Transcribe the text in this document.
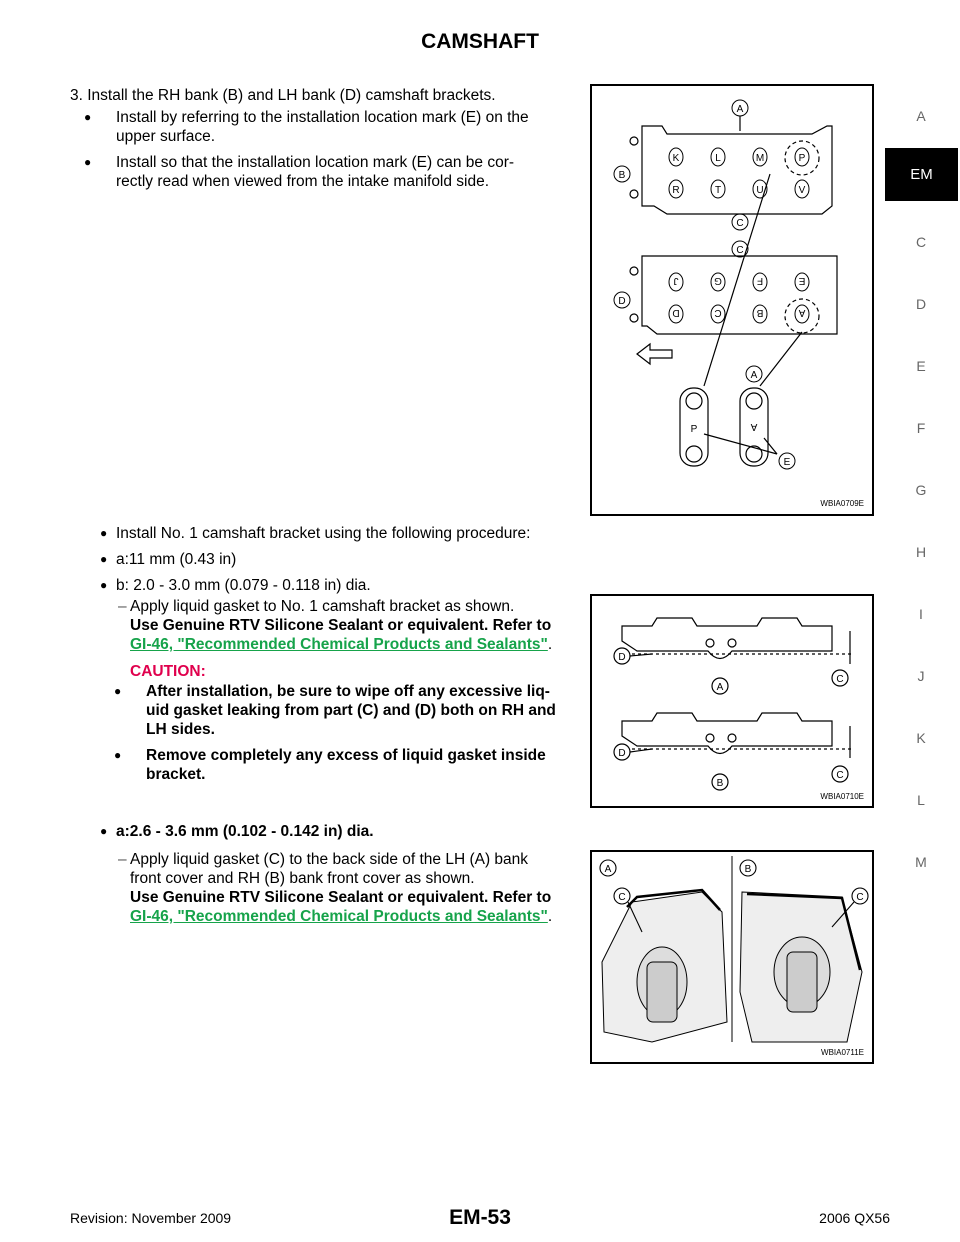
CAMSHAFT
3. Install the RH bank (B) and LH bank (D) camshaft brackets.
● Install by referring to the installation location mark (E) on the
upper surface.
● Install so that the installation location mark (E) can be cor-
rectly read when viewed from the intake manifold side.
● Install No. 1 camshaft bracket using the following procedure:
● a:11 mm (0.43 in)
● b: 2.0 - 3.0 mm (0.079 - 0.118 in) dia.
– Apply liquid gasket to No. 1 camshaft bracket as shown.
Use Genuine RTV Silicone Sealant or equivalent. Refer to
GI-46, "Recommended Chemical Products and Sealants".
CAUTION:
● After installation, be sure to wipe off any excessive liq-
uid gasket leaking from part (C) and (D) both on RH and
LH sides.
● Remove completely any excess of liquid gasket inside
bracket.
● a:2.6 - 3.6 mm (0.102 - 0.142 in) dia.
– Apply liquid gasket (C) to the back side of the LH (A) bank
front cover and RH (B) bank front cover as shown.
Use Genuine RTV Silicone Sealant or equivalent. Refer to
GI-46, "Recommended Chemical Products and Sealants".
K	L	M	P
R	T	U	V
J	G	F	E
D	C	B	A
P	A
A
B
C
C
D
A
E
WBIA0709E
D
A
C
D
B
C
WBIA0710E
A	B
C	C
WBIA0711E
A
EM
C
D
E
F
G
H
I
J
K
L
M
Revision: November 2009	EM-53	2006 QX56
